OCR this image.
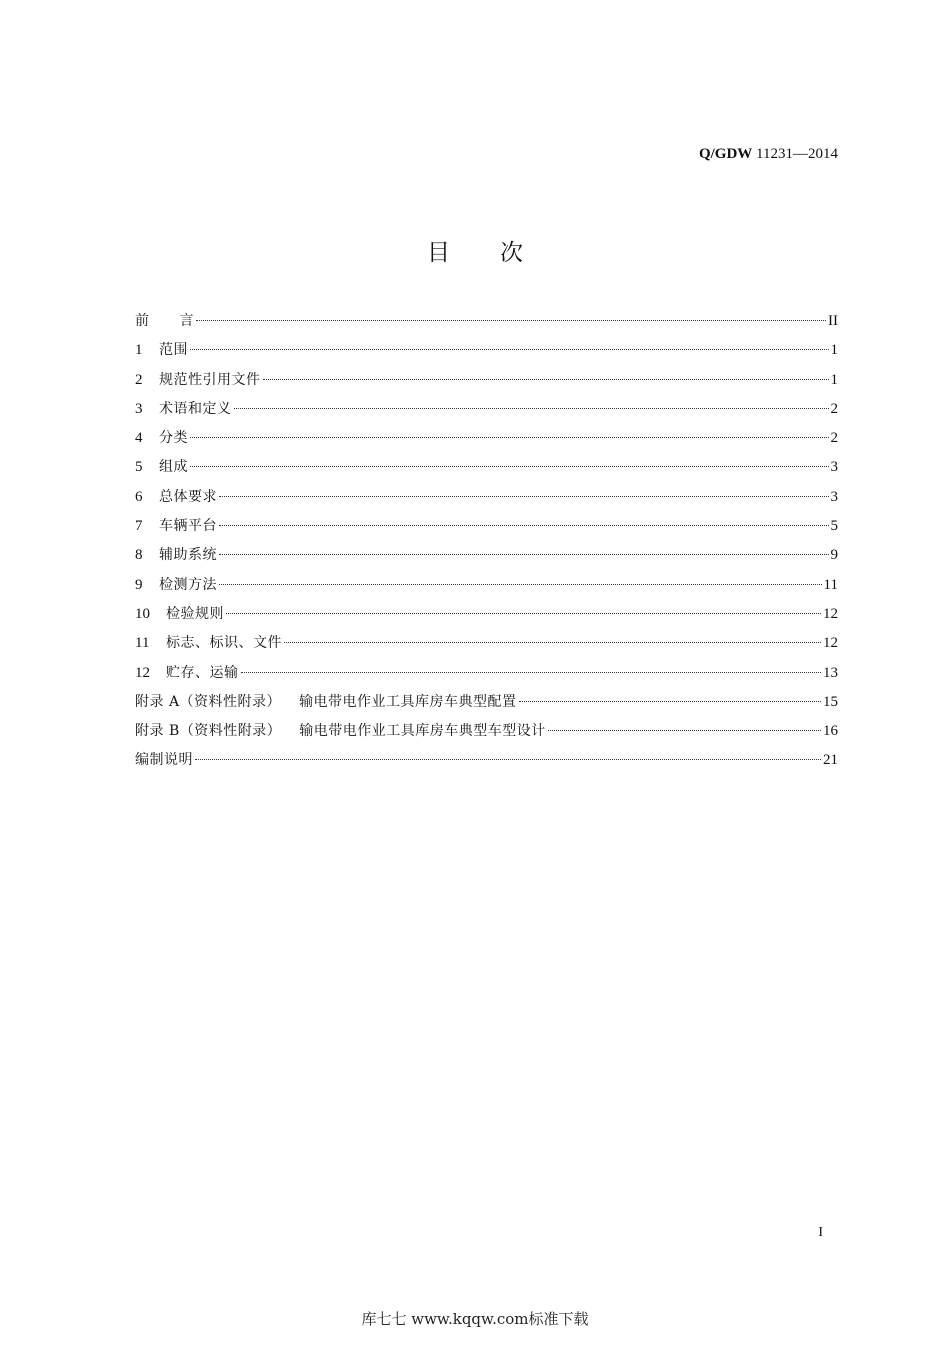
Q/GDW 11231—2014
目 次
前 言	II
1	范围	1
2	规范性引用文件	1
3	术语和定义	2
4	分类	2
5	组成	3
6	总体要求	3
7	车辆平台	5
8	辅助系统	9
9	检测方法	11
10	检验规则	12
11	标志、标识、文件	12
12	贮存、运输	13
附录 A（资料性附录） 输电带电作业工具库房车典型配置	15
附录 B（资料性附录） 输电带电作业工具库房车典型车型设计	16
编制说明	21
I
库七七 www.kqqw.com标准下载
